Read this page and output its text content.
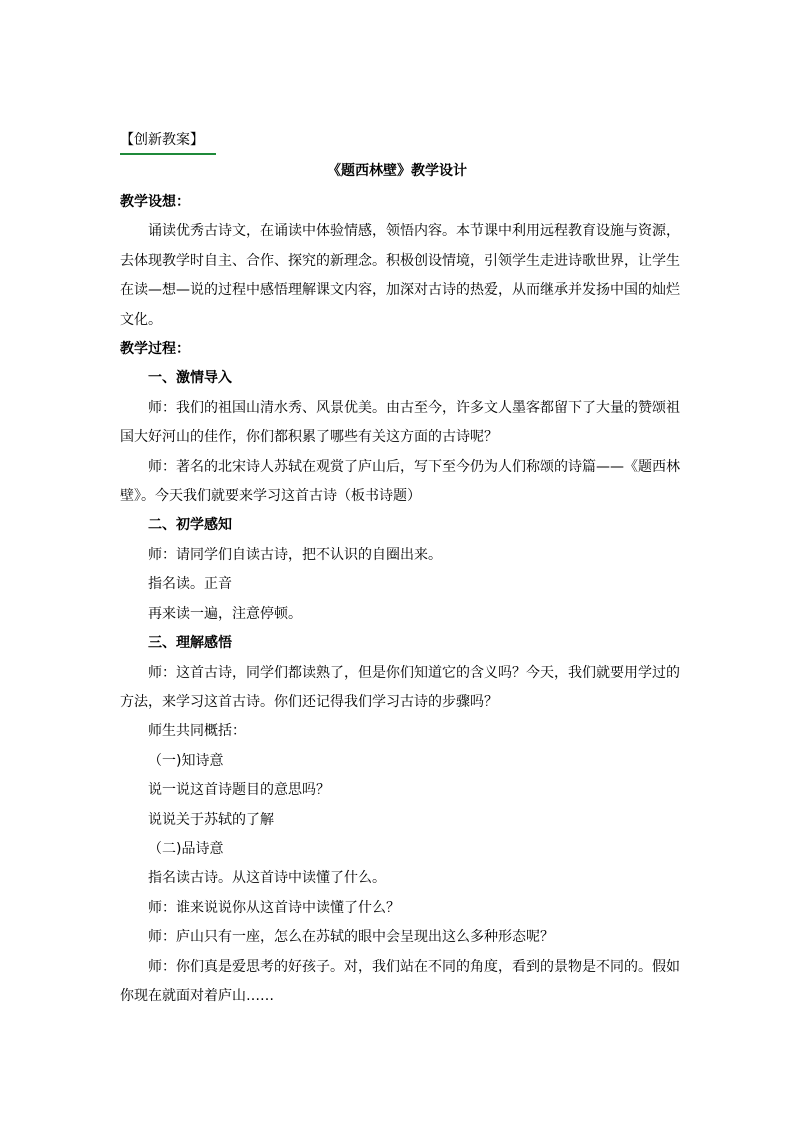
【创新教案】
《题西林壁》教学设计

教学设想：

诵读优秀古诗文，在诵读中体验情感，领悟内容。本节课中利用远程教育设施与资源，去体现教学时自主、合作、探究的新理念。积极创设情境，引领学生走进诗歌世界，让学生在读—想—说的过程中感悟理解课文内容，加深对古诗的热爱，从而继承并发扬中国的灿烂文化。

教学过程：

一、激情导入

师：我们的祖国山清水秀、风景优美。由古至今，许多文人墨客都留下了大量的赞颂祖国大好河山的佳作，你们都积累了哪些有关这方面的古诗呢？

师：著名的北宋诗人苏轼在观赏了庐山后，写下至今仍为人们称颂的诗篇——《题西林壁》。今天我们就要来学习这首古诗（板书诗题）

二、初学感知

师：请同学们自读古诗，把不认识的自圈出来。

指名读。正音

再来读一遍，注意停顿。

三、理解感悟

师：这首古诗，同学们都读熟了，但是你们知道它的含义吗？今天，我们就要用学过的方法，来学习这首古诗。你们还记得我们学习古诗的步骤吗？

师生共同概括：

（一)知诗意

说一说这首诗题目的意思吗？

说说关于苏轼的了解

（二)品诗意

指名读古诗。从这首诗中读懂了什么。

师：谁来说说你从这首诗中读懂了什么？

师：庐山只有一座，怎么在苏轼的眼中会呈现出这么多种形态呢？

师：你们真是爱思考的好孩子。对，我们站在不同的角度，看到的景物是不同的。假如你现在就面对着庐山……
